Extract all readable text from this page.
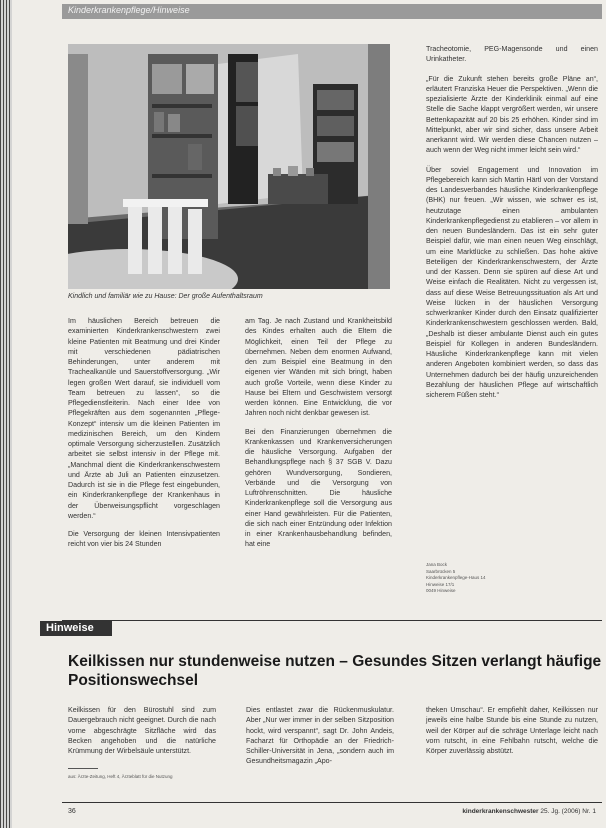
Kinderkrankenpflege/Hinweise
Kindlich und familiär wie zu Hause: Der große Aufenthaltsraum

Im häuslichen Bereich betreuen die examinierten Kinderkrankenschwestern zwei kleine Patienten mit Beatmung und drei Kinder mit verschiedenen pädiatrischen Behinderungen, unter anderem mit Trachealkanüle und Sauerstoffversorgung. „Wir legen großen Wert darauf, sie individuell vom Team betreuen zu lassen“, so die Pflegedienstleiterin. Nach einer Idee von Pflegekräften aus dem sogenannten „Pflege-Konzept“ intensiv um die kleinen Patienten im medizinischen Bereich, um den Kindern optimale Versorgung sicherzustellen. Zusätzlich arbeitet sie selbst intensiv in der Pflege mit. „Manchmal dient die Kinderkrankenschwestern und Ärzte ab Juli an Patienten einzusetzen. Dadurch ist sie in die Pflege fest eingebunden, ein Kinderkrankenpflege der Krankenhaus in der Überweisungspflicht vorgeschlagen werden.“

Die Versorgung der kleinen Intensivpatienten reicht von vier bis 24 Stunden

am Tag. Je nach Zustand und Krankheitsbild des Kindes erhalten auch die Eltern die Möglichkeit, einen Teil der Pflege zu übernehmen. Neben dem enormen Aufwand, den zum Beispiel eine Beatmung in den eigenen vier Wänden mit sich bringt, haben auch große Vorteile, wenn diese Kinder zu Hause bei Eltern und Geschwistern versorgt werden können. Eine Entwicklung, die vor Jahren noch nicht denkbar gewesen ist.

Bei den Finanzierungen übernehmen die Krankenkassen und Krankenversicherungen die häusliche Versorgung. Aufgaben der Behandlungspflege nach § 37 SGB V. Dazu gehören Wundversorgung, Sondieren, Verbände und die Versorgung von Luftröhrenschnitten. Die häusliche Kinderkrankenpflege soll die Versorgung aus einer Hand gewährleisten. Für die Patienten, die sich nach einer Entzündung oder Infektion in einer Krankenhausbehandlung befinden, hat eine

Tracheotomie, PEG-Magensonde und einen Urinkatheter.

„Für die Zukunft stehen bereits große Pläne an“, erläutert Franziska Heuer die Perspektiven. „Wenn die spezialisierte Ärzte der Kinderklinik einmal auf eine Stelle die Sache klappt vergrößert werden, wir unsere Bettenkapazität auf 20 bis 25 erhöhen. Kinder sind im Mittelpunkt, aber wir sind sicher, dass unsere Arbeit anerkannt wird. Wir werden diese Chancen nutzen – auch wenn der Weg nicht immer leicht sein wird.“

Über soviel Engagement und Innovation im Pflegebereich kann sich Martin Härtl von der Vorstand des Landesverbandes häusliche Kinderkrankenpflege (BHK) nur freuen. „Wir wissen, wie schwer es ist, heutzutage einen ambulanten Kinderkrankenpflegedienst zu etablieren – vor allem in den neuen Bundesländern. Das ist ein sehr guter Beispiel dafür, wie man einen neuen Weg einschlägt, um eine Marktlücke zu schließen. Das hohe aktive Beteiligen der Kinderkrankenschwestern, der Ärzte und der Kassen. Denn sie spüren auf diese Art und Weise einfach die Realitäten. Nicht zu vergessen ist, dass auf diese Weise Betreuungssituation als Art und Weise lücken in der häuslichen Versorgung schwerkranker Kinder durch den Einsatz qualifizierter Kinderkrankenschwestern geschlossen werden. Bald, „Deshalb ist dieser ambulante Dienst auch ein gutes Beispiel für Kollegen in anderen Bundesländern. Häusliche Kinderkrankenpflege kann mit vielen anderen Angeboten kombiniert werden, so dass das Unternehmen dadurch bei der häufig unzureichenden Bezahlung der häuslichen Pflege auf wirtschaftlich sicherem Füßen steht.“

Jana Bock
Saarbrücken 5
Kinderkrankenpflege-Haus 14
Hinweise 17/1
0049 Hinweise
Hinweise
Keilkissen nur stundenweise nutzen – Gesundes Sitzen verlangt häufige Positionswechsel

Keilkissen für den Bürostuhl sind zum Dauergebrauch nicht geeignet. Durch die nach vorne abgeschrägte Sitzfläche wird das Becken angehoben und die natürliche Krümmung der Wirbelsäule unterstützt.

aus: Ärzte-Zeitung, Heft 4, Ärzteblatt für die Nutzung

Dies entlastet zwar die Rückenmuskulatur. Aber „Nur wer immer in der selben Sitzposition hockt, wird verspannt“, sagt Dr. John Andeis, Facharzt für Orthopädie an der Friedrich-Schiller-Universität in Jena, „sondern auch im Gesundheitsmagazin „Apo-

theken Umschau“. Er empfiehlt daher, Keilkissen nur jeweils eine halbe Stunde bis eine Stunde zu nutzen, weil der Körper auf die schräge Unterlage leicht nach vorn rutscht, in eine Fehlbahn rutscht, welche die Körper zuverlässig abstützt.

36	kinderkrankenschwester 25. Jg. (2006) Nr. 1
